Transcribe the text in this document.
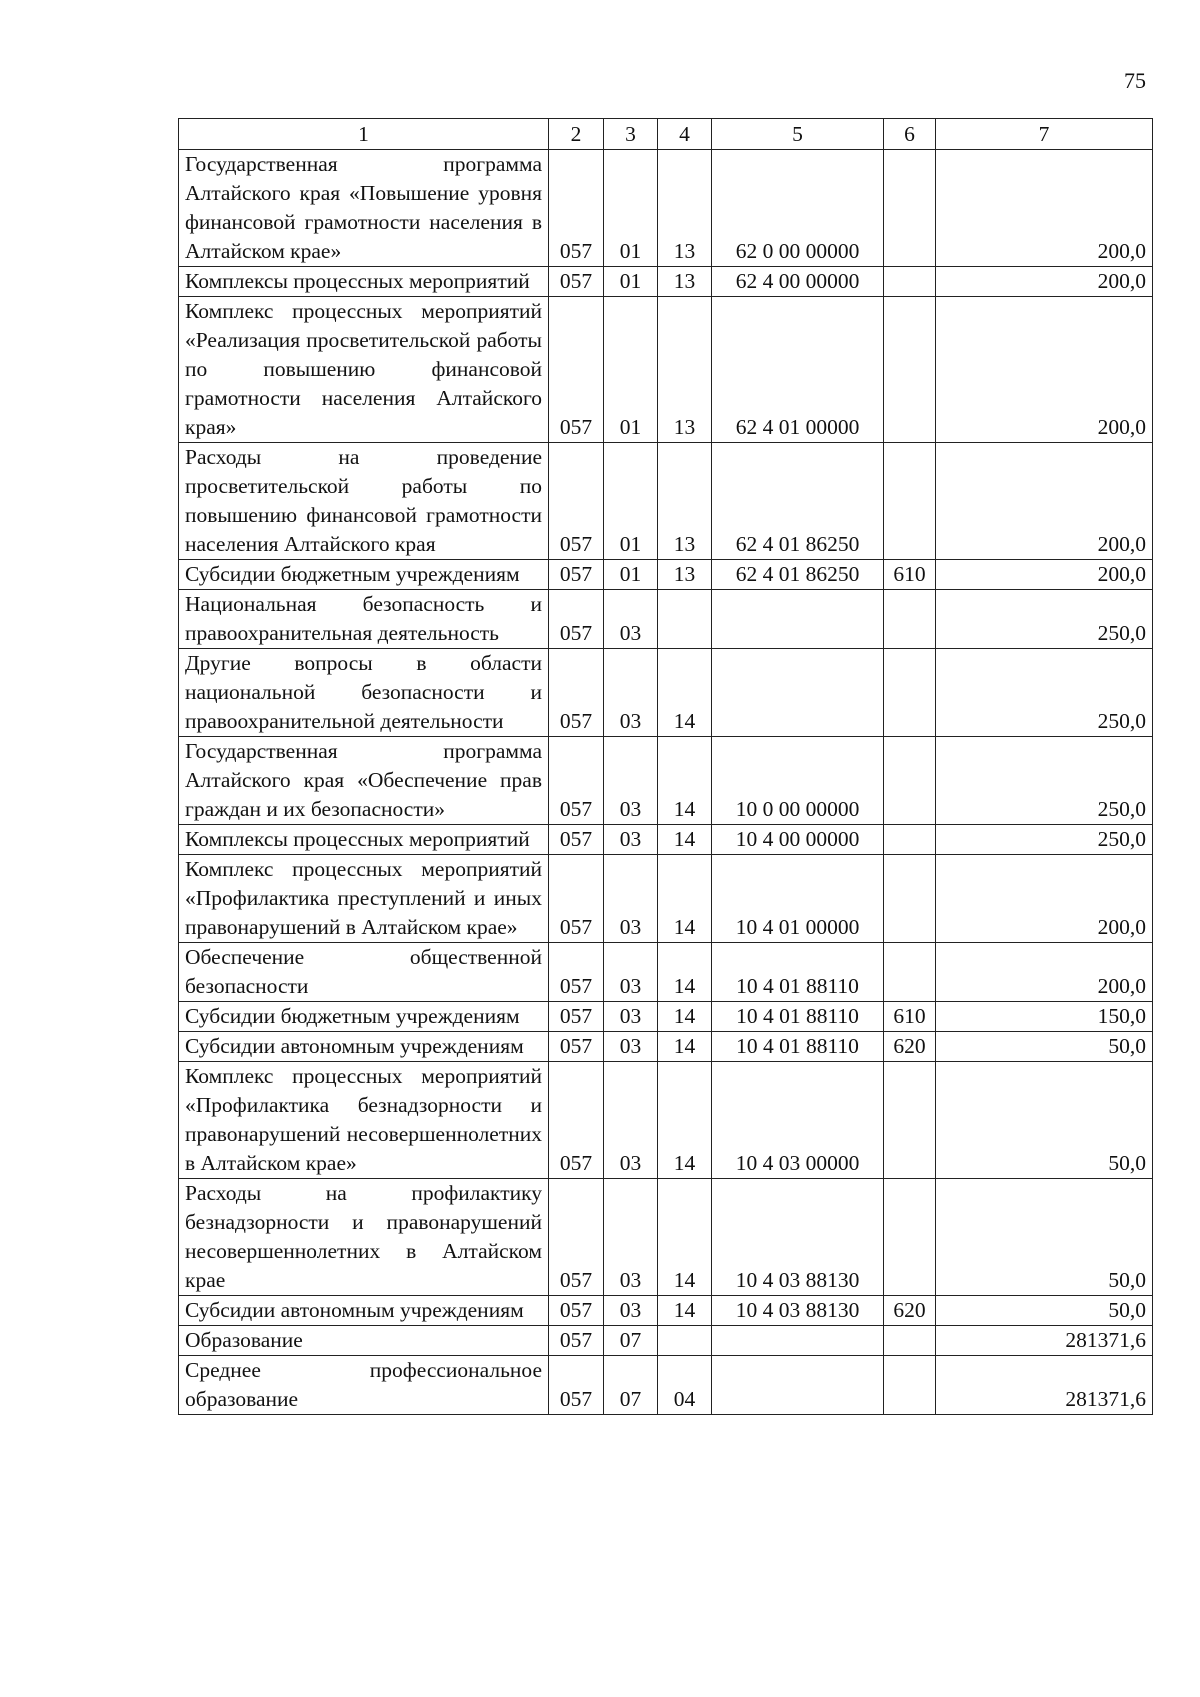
75
1	2	3	4	5	6	7
Государственная программа Алтайского края «Повышение уровня финансовой грамотности населения в Алтайском крае»	057	01	13	62 0 00 00000		200,0
Комплексы процессных мероприятий	057	01	13	62 4 00 00000		200,0
Комплекс процессных мероприятий «Реализация просветительской работы по повышению финансовой грамотности населения Алтайского края»	057	01	13	62 4 01 00000		200,0
Расходы на проведение просветительской работы по повышению финансовой грамотности населения Алтайского края	057	01	13	62 4 01 86250		200,0
Субсидии бюджетным учреждениям	057	01	13	62 4 01 86250	610	200,0
Национальная безопасность и правоохранительная деятельность	057	03				250,0
Другие вопросы в области национальной безопасности и правоохранительной деятельности	057	03	14			250,0
Государственная программа Алтайского края «Обеспечение прав граждан и их безопасности»	057	03	14	10 0 00 00000		250,0
Комплексы процессных мероприятий	057	03	14	10 4 00 00000		250,0
Комплекс процессных мероприятий «Профилактика преступлений и иных правонарушений в Алтайском крае»	057	03	14	10 4 01 00000		200,0
Обеспечение общественной безопасности	057	03	14	10 4 01 88110		200,0
Субсидии бюджетным учреждениям	057	03	14	10 4 01 88110	610	150,0
Субсидии автономным учреждениям	057	03	14	10 4 01 88110	620	50,0
Комплекс процессных мероприятий «Профилактика безнадзорности и правонарушений несовершеннолетних в Алтайском крае»	057	03	14	10 4 03 00000		50,0
Расходы на профилактику безнадзорности и правонарушений несовершеннолетних в Алтайском крае	057	03	14	10 4 03 88130		50,0
Субсидии автономным учреждениям	057	03	14	10 4 03 88130	620	50,0
Образование	057	07				281371,6
Среднее профессиональное образование	057	07	04			281371,6
